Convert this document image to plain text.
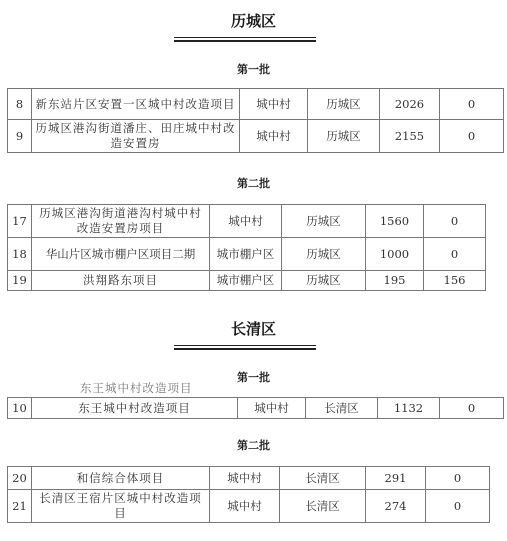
历城区
第一批
8	新东站片区安置一区城中村改造项目	城中村	历城区	2026	0
9	历城区港沟街道潘庄、田庄城中村改造安置房	城中村	历城区	2155	0
第二批
17	历城区港沟街道港沟村城中村改造安置房项目	城中村	历城区	1560	0
18	华山片区城市棚户区项目二期	城市棚户区	历城区	1000	0
19	洪翔路东项目	城市棚户区	历城区	195	156
长清区
第一批
东王城中村改造项目
10	东王城中村改造项目	城中村	长清区	1132	0
第二批
20	和信综合体项目	城中村	长清区	291	0
21	长清区王宿片区城中村改造项目	城中村	长清区	274	0
